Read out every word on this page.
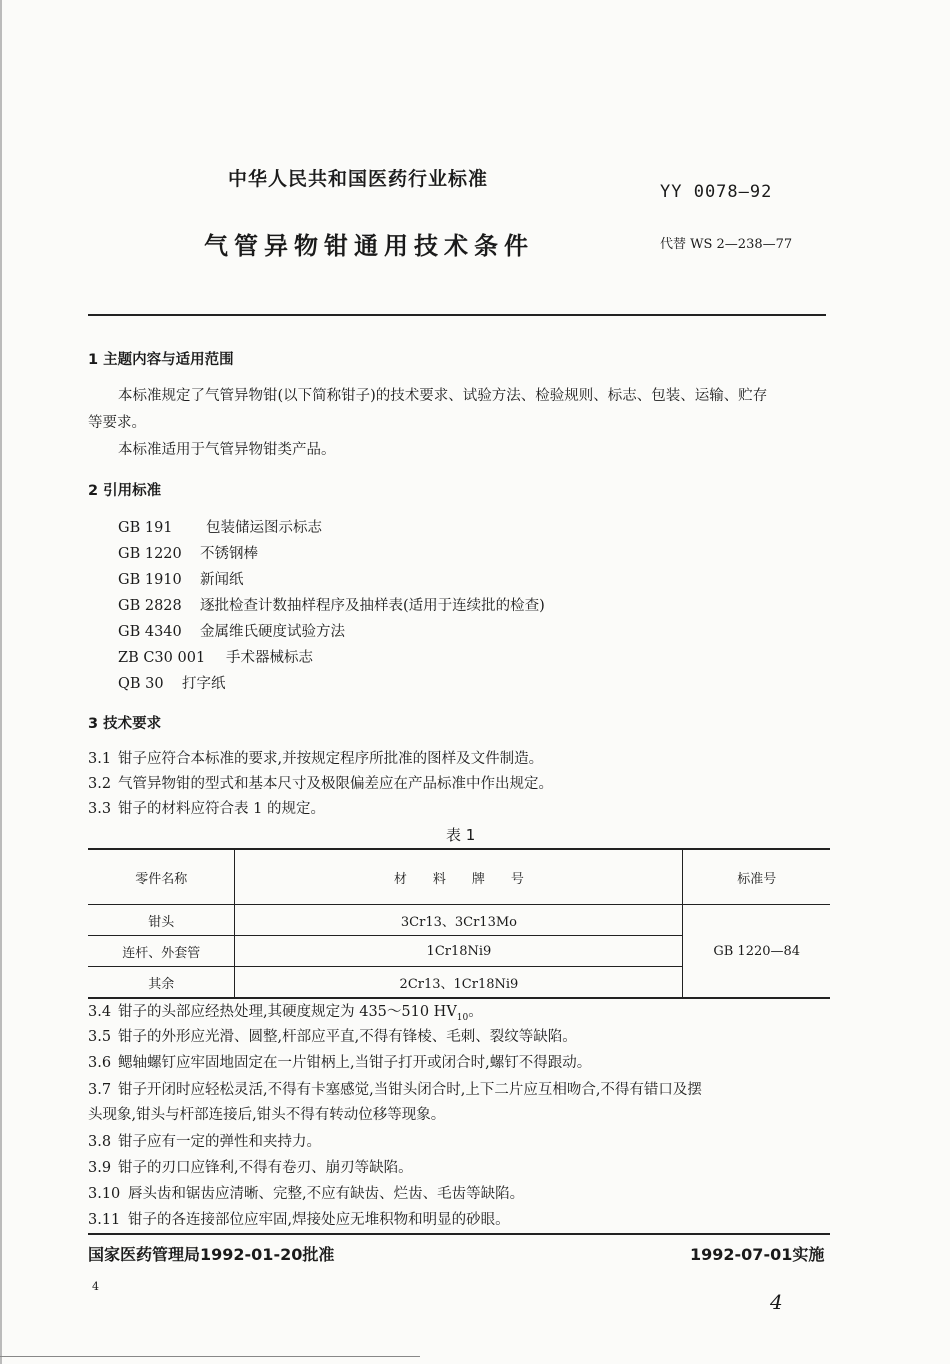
中华人民共和国医药行业标准
YY 0078—92
气管异物钳通用技术条件	代替 WS 2—238—77
1 主题内容与适用范围
本标准规定了气管异物钳(以下简称钳子)的技术要求、试验方法、检验规则、标志、包装、运输、贮存
等要求。
本标准适用于气管异物钳类产品。
2 引用标准
GB 191 包装储运图示标志
GB 1220 不锈钢棒
GB 1910 新闻纸
GB 2828 逐批检查计数抽样程序及抽样表(适用于连续批的检查)
GB 4340 金属维氏硬度试验方法
ZB C30 001 手术器械标志
QB 30 打字纸
3 技术要求
3.1 钳子应符合本标准的要求,并按规定程序所批准的图样及文件制造。
3.2 气管异物钳的型式和基本尺寸及极限偏差应在产品标准中作出规定。
3.3 钳子的材料应符合表 1 的规定。
表 1
零件名称	材　　料　　牌　　号	标准号
钳头	3Cr13、3Cr13Mo	GB 1220—84
连杆、外套管	1Cr18Ni9	
其余	2Cr13、1Cr18Ni9	
3.4 钳子的头部应经热处理,其硬度规定为 435～510 $HV_{10}$。
3.5 钳子的外形应光滑、圆整,杆部应平直,不得有锋棱、毛刺、裂纹等缺陷。
3.6 鳃轴螺钉应牢固地固定在一片钳柄上,当钳子打开或闭合时,螺钉不得跟动。
3.7 钳子开闭时应轻松灵活,不得有卡塞感觉,当钳头闭合时,上下二片应互相吻合,不得有错口及摆
头现象,钳头与杆部连接后,钳头不得有转动位移等现象。
3.8 钳子应有一定的弹性和夹持力。
3.9 钳子的刃口应锋利,不得有卷刃、崩刃等缺陷。
3.10 唇头齿和锯齿应清晰、完整,不应有缺齿、烂齿、毛齿等缺陷。
3.11 钳子的各连接部位应牢固,焊接处应无堆积物和明显的砂眼。
国家医药管理局1992-01-20批准	1992-07-01实施
4
4
